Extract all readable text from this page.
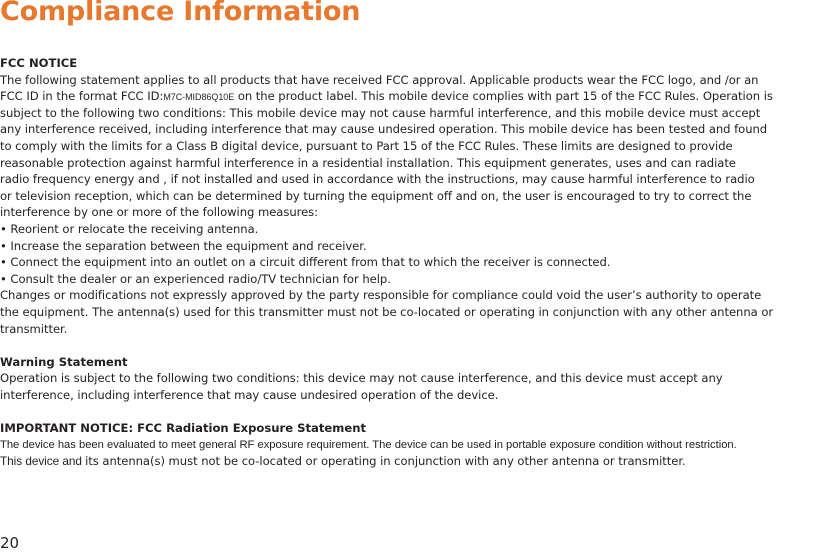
Compliance Information
FCC NOTICE
The following statement applies to all products that have received FCC approval. Applicable products wear the FCC logo, and /or an
FCC ID in the format FCC ID:M7C-MID86Q10E on the product label. This mobile device complies with part 15 of the FCC Rules. Operation is
subject to the following two conditions: This mobile device may not cause harmful interference, and this mobile device must accept
any interference received, including interference that may cause undesired operation. This mobile device has been tested and found
to comply with the limits for a Class B digital device, pursuant to Part 15 of the FCC Rules. These limits are designed to provide
reasonable protection against harmful interference in a residential installation. This equipment generates, uses and can radiate
radio frequency energy and , if not installed and used in accordance with the instructions, may cause harmful interference to radio
or television reception, which can be determined by turning the equipment off and on, the user is encouraged to try to correct the
interference by one or more of the following measures:
• Reorient or relocate the receiving antenna.
• Increase the separation between the equipment and receiver.
• Connect the equipment into an outlet on a circuit different from that to which the receiver is connected.
• Consult the dealer or an experienced radio/TV technician for help.
Changes or modifications not expressly approved by the party responsible for compliance could void the user’s authority to operate
the equipment. The antenna(s) used for this transmitter must not be co-located or operating in conjunction with any other antenna or
transmitter.
Warning Statement
Operation is subject to the following two conditions: this device may not cause interference, and this device must accept any
interference, including interference that may cause undesired operation of the device.
IMPORTANT NOTICE: FCC Radiation Exposure Statement
The device has been evaluated to meet general RF exposure requirement. The device can be used in portable exposure condition without restriction.
This device and its antenna(s) must not be co-located or operating in conjunction with any other antenna or transmitter.
20
